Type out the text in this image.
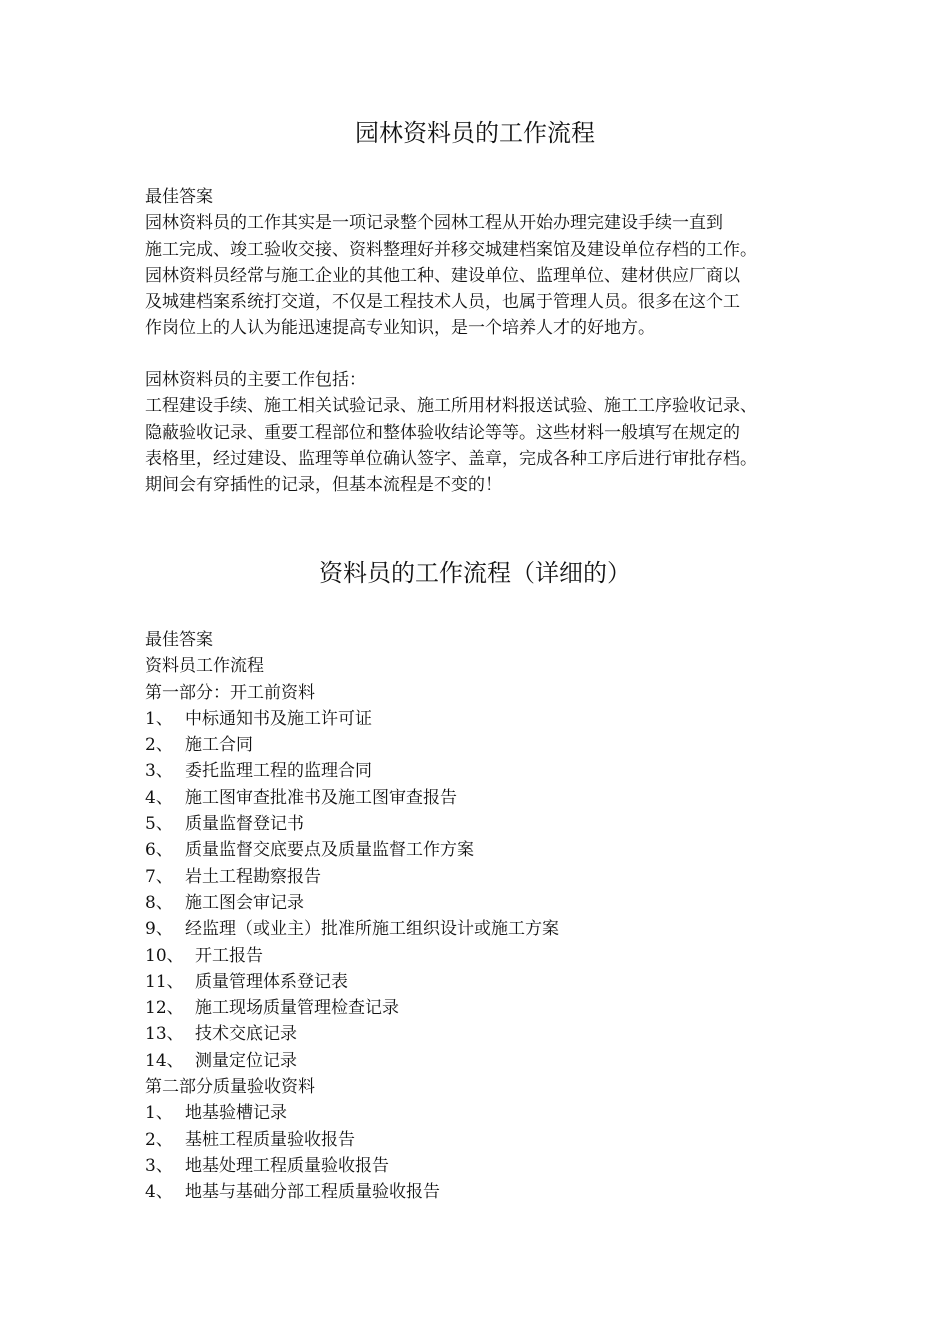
园林资料员的工作流程
最佳答案
园林资料员的工作其实是一项记录整个园林工程从开始办理完建设手续一直到
施工完成、竣工验收交接、资料整理好并移交城建档案馆及建设单位存档的工作。
园林资料员经常与施工企业的其他工种、建设单位、监理单位、建材供应厂商以
及城建档案系统打交道，不仅是工程技术人员，也属于管理人员。很多在这个工
作岗位上的人认为能迅速提高专业知识，是一个培养人才的好地方。
园林资料员的主要工作包括：
工程建设手续、施工相关试验记录、施工所用材料报送试验、施工工序验收记录、
隐蔽验收记录、重要工程部位和整体验收结论等等。这些材料一般填写在规定的
表格里，经过建设、监理等单位确认签字、盖章，完成各种工序后进行审批存档。
期间会有穿插性的记录，但基本流程是不变的！
资料员的工作流程（详细的）
最佳答案
资料员工作流程
第一部分：开工前资料
1、 中标通知书及施工许可证
2、 施工合同
3、 委托监理工程的监理合同
4、 施工图审查批准书及施工图审查报告
5、 质量监督登记书
6、 质量监督交底要点及质量监督工作方案
7、 岩土工程勘察报告
8、 施工图会审记录
9、 经监理（或业主）批准所施工组织设计或施工方案
10、 开工报告
11、 质量管理体系登记表
12、 施工现场质量管理检查记录
13、 技术交底记录
14、 测量定位记录
第二部分质量验收资料
1、 地基验槽记录
2、 基桩工程质量验收报告
3、 地基处理工程质量验收报告
4、 地基与基础分部工程质量验收报告
